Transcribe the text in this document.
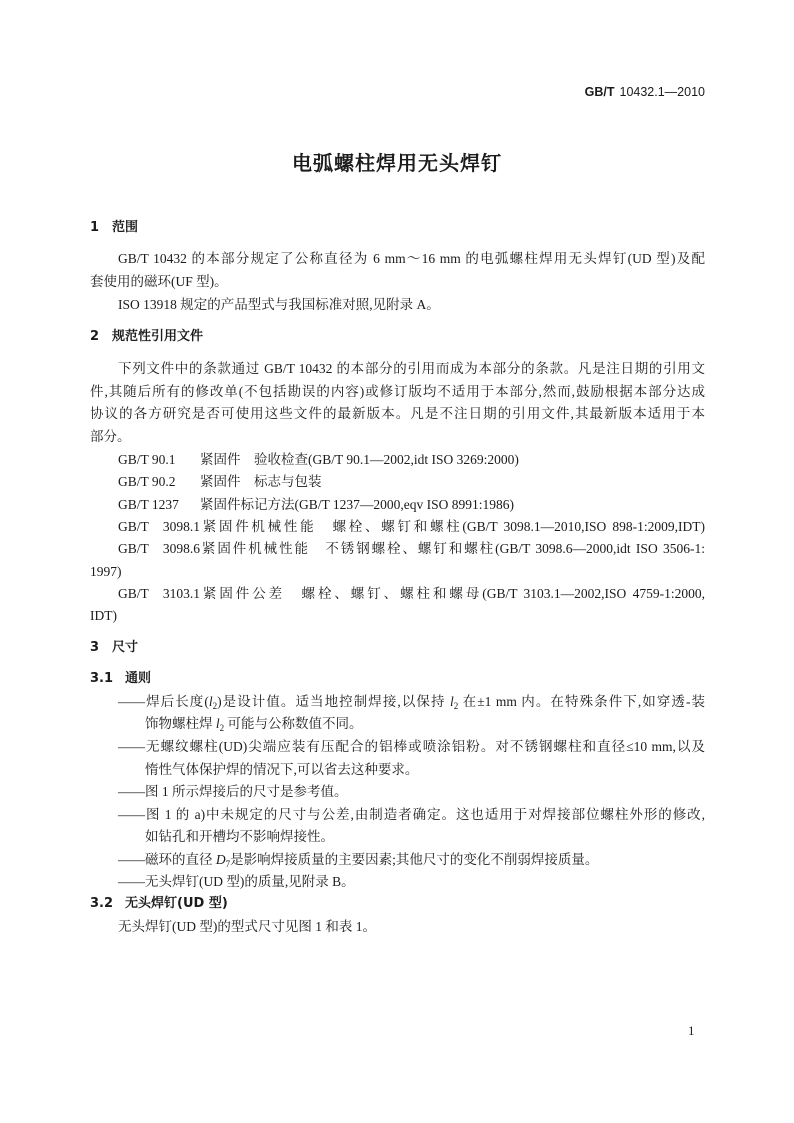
GB/T 10432.1—2010
电弧螺柱焊用无头焊钉
1 范围
GB/T 10432 的本部分规定了公称直径为 6 mm～16 mm 的电弧螺柱焊用无头焊钉(UD 型)及配
套使用的磁环(UF 型)。
ISO 13918 规定的产品型式与我国标准对照,见附录 A。
2 规范性引用文件
下列文件中的条款通过 GB/T 10432 的本部分的引用而成为本部分的条款。凡是注日期的引用文
件,其随后所有的修改单(不包括勘误的内容)或修订版均不适用于本部分,然而,鼓励根据本部分达成
协议的各方研究是否可使用这些文件的最新版本。凡是不注日期的引用文件,其最新版本适用于本
部分。
GB/T 90.1 紧固件　验收检查(GB/T 90.1—2002,idt ISO 3269:2000)
GB/T 90.2 紧固件　标志与包装
GB/T 1237 紧固件标记方法(GB/T 1237—2000,eqv ISO 8991:1986)
GB/T 3098.1紧固件机械性能　螺栓、螺钉和螺柱(GB/T 3098.1—2010,ISO 898-1:2009,IDT)
GB/T 3098.6紧固件机械性能　不锈钢螺栓、螺钉和螺柱(GB/T 3098.6—2000,idt ISO 3506-1:
1997)
GB/T 3103.1紧固件公差　螺栓、螺钉、螺柱和螺母(GB/T 3103.1—2002,ISO 4759-1:2000,
IDT)
3 尺寸
3.1 通则
——焊后长度$(l_2)$是设计值。适当地控制焊接,以保持 $l_2$ 在±1 mm 内。在特殊条件下,如穿透-装
饰物螺柱焊 $l_2$ 可能与公称数值不同。
——无螺纹螺柱(UD)尖端应装有压配合的铝棒或喷涂铝粉。对不锈钢螺柱和直径≤10 mm,以及
惰性气体保护焊的情况下,可以省去这种要求。
——图 1 所示焊接后的尺寸是参考值。
——图 1 的 a)中未规定的尺寸与公差,由制造者确定。这也适用于对焊接部位螺柱外形的修改,
如钻孔和开槽均不影响焊接性。
——磁环的直径 $D_7$是影响焊接质量的主要因素;其他尺寸的变化不削弱焊接质量。
——无头焊钉(UD 型)的质量,见附录 B。
3.2 无头焊钉(UD 型)
无头焊钉(UD 型)的型式尺寸见图 1 和表 1。
1
